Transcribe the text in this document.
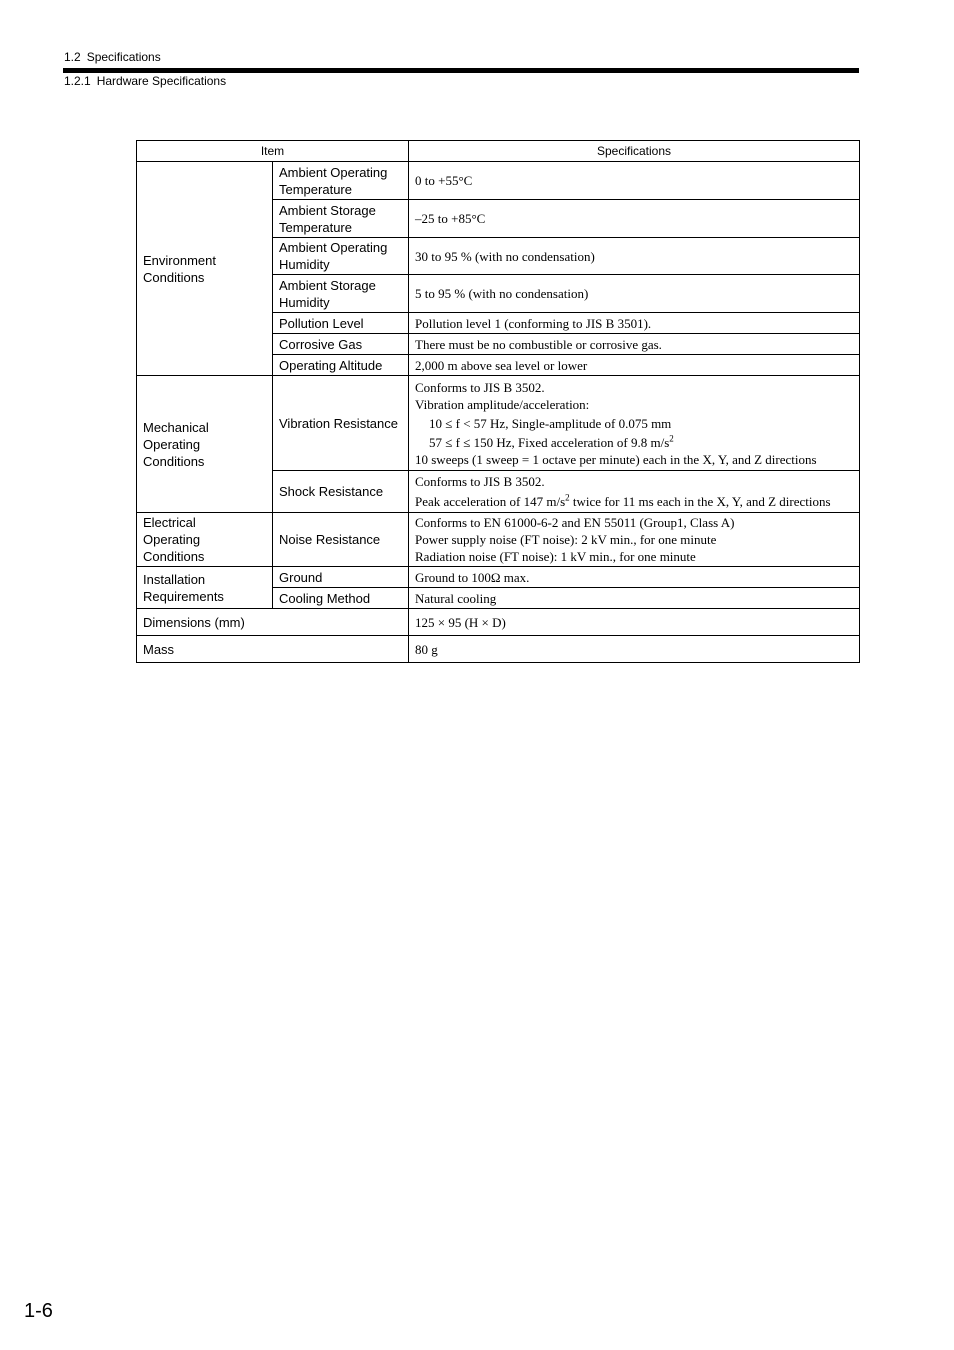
1.2 Specifications
1.2.1 Hardware Specifications
Item		Specifications

Environment Conditions	Ambient Operating Temperature	0 to +55°C
	Ambient Storage Temperature	–25 to +85°C
	Ambient Operating Humidity	30 to 95 % (with no condensation)
	Ambient Storage Humidity	5 to 95 % (with no condensation)
	Pollution Level	Pollution level 1 (conforming to JIS B 3501).
	Corrosive Gas	There must be no combustible or corrosive gas.
	Operating Altitude	2,000 m above sea level or lower

Mechanical Operating Conditions	Vibration Resistance	Conforms to JIS B 3502.
Vibration amplitude/acceleration:
10 ≤ f < 57 Hz, Single-amplitude of 0.075 mm
57 ≤ f ≤ 150 Hz, Fixed acceleration of 9.8 $m/s^2$
10 sweeps (1 sweep = 1 octave per minute) each in the X, Y, and Z directions

	Shock Resistance	Conforms to JIS B 3502.
Peak acceleration of 147 $m/s^2$ twice for 11 ms each in the X, Y, and Z directions

Electrical Operating Conditions	Noise Resistance	Conforms to EN 61000-6-2 and EN 55011 (Group1, Class A)
Power supply noise (FT noise): 2 kV min., for one minute
Radiation noise (FT noise): 1 kV min., for one minute

Installation Requirements	Ground	Ground to 100Ω max.
	Cooling Method	Natural cooling
Dimensions (mm)		125 × 95 (H × D)
Mass		80 g
1-6
